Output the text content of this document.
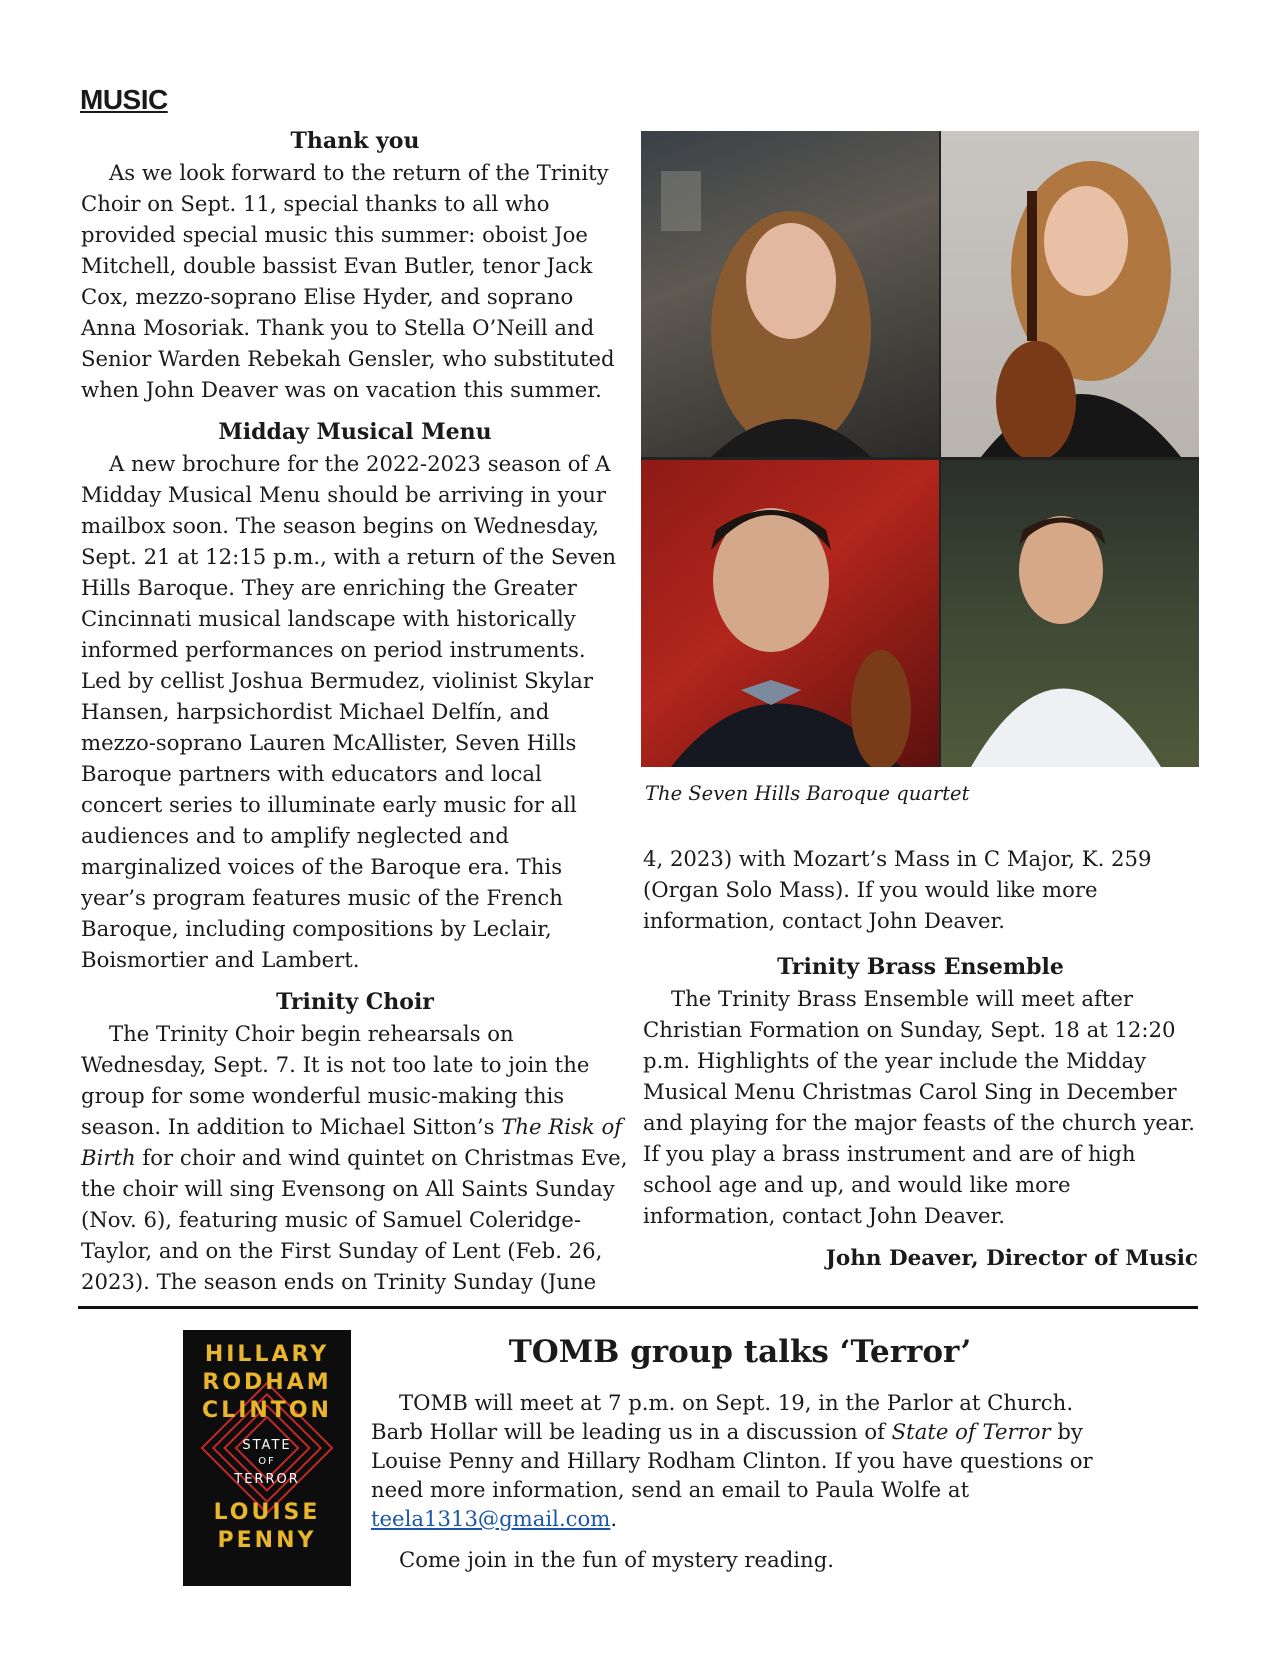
MUSIC
Thank you

As we look forward to the return of the Trinity Choir on Sept. 11, special thanks to all who provided special music this summer: oboist Joe Mitchell, double bassist Evan Butler, tenor Jack Cox, mezzo-soprano Elise Hyder, and soprano Anna Mosoriak. Thank you to Stella O’Neill and Senior Warden Rebekah Gensler, who substituted when John Deaver was on vacation this summer.

Midday Musical Menu

A new brochure for the 2022-2023 season of A Midday Musical Menu should be arriving in your mailbox soon. The season begins on Wednesday, Sept. 21 at 12:15 p.m., with a return of the Seven Hills Baroque. They are enriching the Greater Cincinnati musical landscape with historically informed performances on period instruments. Led by cellist Joshua Bermudez, violinist Skylar Hansen, harpsichordist Michael Delfín, and mezzo-soprano Lauren McAllister, Seven Hills Baroque partners with educators and local concert series to illuminate early music for all audiences and to amplify neglected and marginalized voices of the Baroque era. This year’s program features music of the French Baroque, including compositions by Leclair, Boismortier and Lambert.

Trinity Choir

The Trinity Choir begin rehearsals on Wednesday, Sept. 7. It is not too late to join the group for some wonderful music-making this season. In addition to Michael Sitton’s The Risk of Birth for choir and wind quintet on Christmas Eve, the choir will sing Evensong on All Saints Sunday (Nov. 6), featuring music of Samuel Coleridge-Taylor, and on the First Sunday of Lent (Feb. 26, 2023). The season ends on Trinity Sunday (June

The Seven Hills Baroque quartet

4, 2023) with Mozart’s Mass in C Major, K. 259 (Organ Solo Mass). If you would like more information, contact John Deaver.

Trinity Brass Ensemble

The Trinity Brass Ensemble will meet after Christian Formation on Sunday, Sept. 18 at 12:20 p.m. Highlights of the year include the Midday Musical Menu Christmas Carol Sing in December and playing for the major feasts of the church year. If you play a brass instrument and are of high school age and up, and would like more information, contact John Deaver.

John Deaver, Director of Music

HILLARY
RODHAM
CLINTON
STATE
OF
TERROR
LOUISE
PENNY
TOMB group talks ‘Terror’

TOMB will meet at 7 p.m. on Sept. 19, in the Parlor at Church. Barb Hollar will be leading us in a discussion of State of Terror by Louise Penny and Hillary Rodham Clinton. If you have questions or need more information, send an email to Paula Wolfe at teela1313@gmail.com.

Come join in the fun of mystery reading.
